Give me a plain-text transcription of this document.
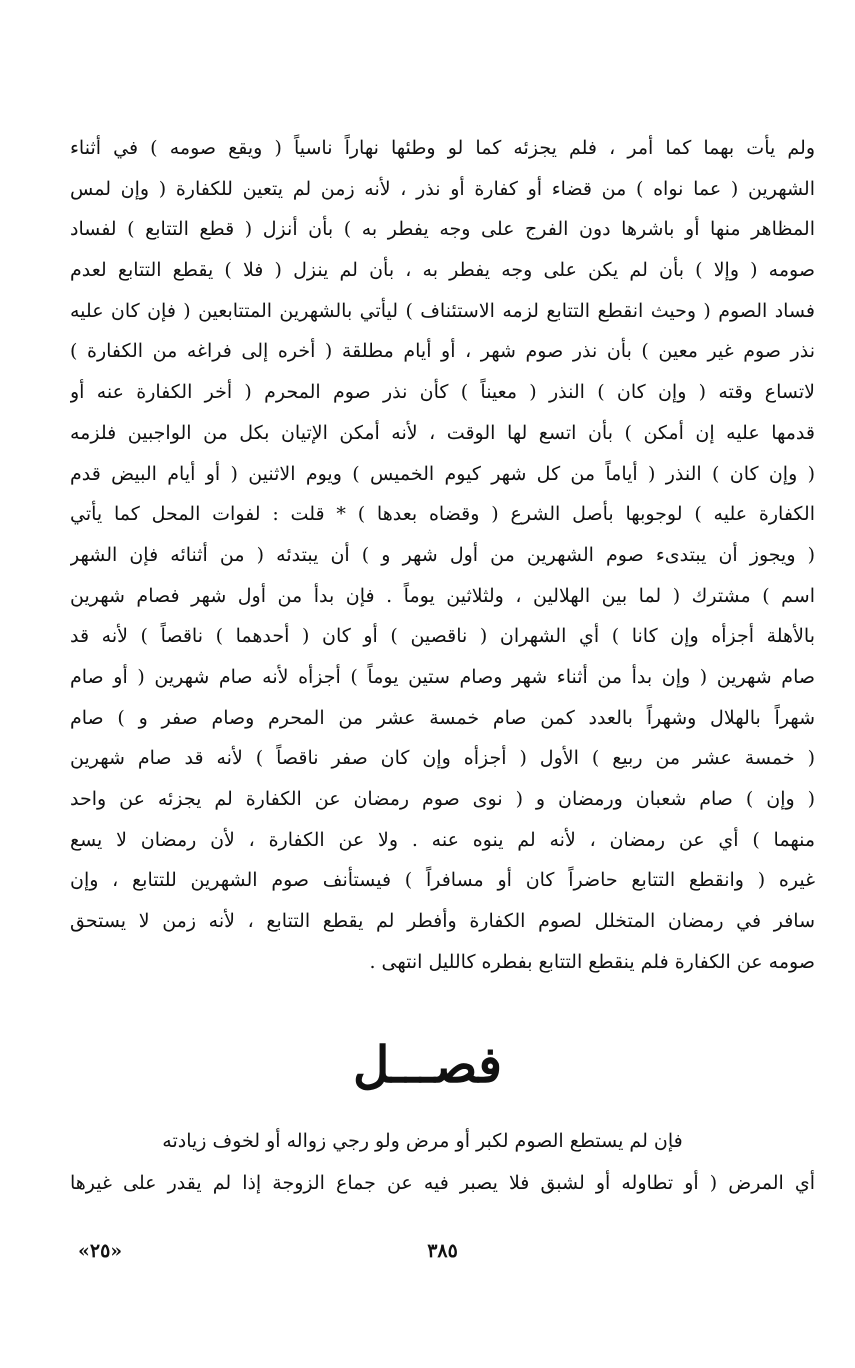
ولم يأت بهما كما أمر ، فلم يجزئه كما لو وطئها نهاراً ناسياً ( ويقع صومه ) في أثناء
الشهرين ( عما نواه ) من قضاء أو كفارة أو نذر ، لأنه زمن لم يتعين للكفارة ( وإن لمس
المظاهر منها أو باشرها دون الفرج على وجه يفطر به ) بأن أنزل ( قطع التتابع ) لفساد
صومه ( وإلا ) بأن لم يكن على وجه يفطر به ، بأن لم ينزل ( فلا ) يقطع التتابع لعدم
فساد الصوم ( وحيث انقطع التتابع لزمه الاستئناف ) ليأتي بالشهرين المتتابعين ( فإن كان عليه
نذر صوم غير معين ) بأن نذر صوم شهر ، أو أيام مطلقة ( أخره إلى فراغه من الكفارة )
لاتساع وقته ( وإن كان ) النذر ( معيناً ) كأن نذر صوم المحرم ( أخر الكفارة عنه أو
قدمها عليه إن أمكن ) بأن اتسع لها الوقت ، لأنه أمكن الإتيان بكل من الواجبين فلزمه
( وإن كان ) النذر ( أياماً من كل شهر كيوم الخميس ) ويوم الاثنين ( أو أيام البيض قدم
الكفارة عليه ) لوجوبها بأصل الشرع ( وقضاه بعدها ) * قلت : لفوات المحل كما يأتي
( ويجوز أن يبتدىء صوم الشهرين من أول شهر و ) أن يبتدئه ( من أثنائه فإن الشهر
اسم ) مشترك ( لما بين الهلالين ، ولثلاثين يوماً . فإن بدأ من أول شهر فصام شهرين
بالأهلة أجزأه وإن كانا ) أي الشهران ( ناقصين ) أو كان ( أحدهما ) ناقصاً ) لأنه قد
صام شهرين ( وإن بدأ من أثناء شهر وصام ستين يوماً ) أجزأه لأنه صام شهرين ( أو صام
شهراً بالهلال وشهراً بالعدد كمن صام خمسة عشر من المحرم وصام صفر و ) صام
( خمسة عشر من ربيع ) الأول ( أجزأه وإن كان صفر ناقصاً ) لأنه قد صام شهرين
( وإن ) صام شعبان ورمضان و ( نوى صوم رمضان عن الكفارة لم يجزئه عن واحد
منهما ) أي عن رمضان ، لأنه لم ينوه عنه . ولا عن الكفارة ، لأن رمضان لا يسع
غيره ( وانقطع التتابع حاضراً كان أو مسافراً ) فيستأنف صوم الشهرين للتتابع ، وإن
سافر في رمضان المتخلل لصوم الكفارة وأفطر لم يقطع التتابع ، لأنه زمن لا يستحق
صومه عن الكفارة فلم ينقطع التتابع بفطره كالليل انتهى .
فصـــل
فإن لم يستطع الصوم لكبر أو مرض ولو رجي زواله أو لخوف زيادته
أي المرض ( أو تطاوله أو لشبق فلا يصبر فيه عن جماع الزوجة إذا لم يقدر على غيرها
٣٨٥
«٢٥»
